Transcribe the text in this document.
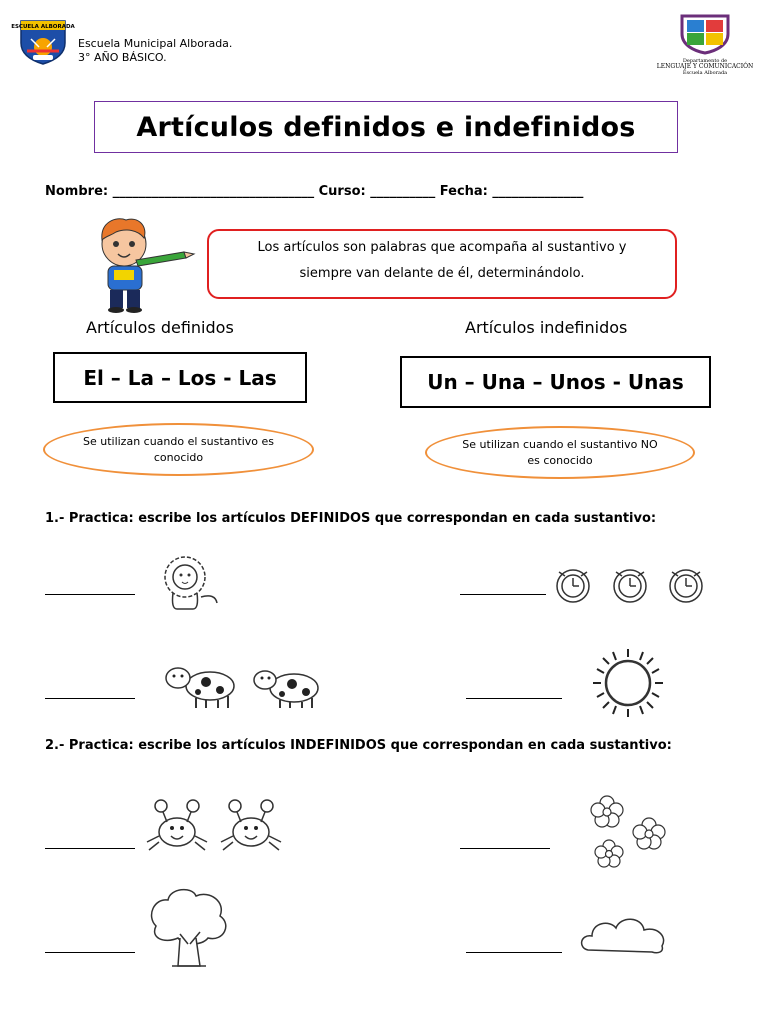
ESCUELA ALBORADA
Escuela Municipal Alborada.
3° AÑO BÁSICO.	Departamento de
LENGUAJE Y COMUNICACIÓN
Escuela Alborada
Artículos definidos e indefinidos
Nombre: _______________________________ Curso: __________ Fecha: ______________
Los artículos son palabras que acompaña al sustantivo y
siempre van delante de él, determinándolo.
Artículos definidos	Artículos indefinidos
El – La – Los - Las	Un – Una – Unos - Unas
Se utilizan cuando el sustantivo es conocido
Se utilizan cuando el sustantivo NO es conocido
1.- Practica: escribe los artículos DEFINIDOS que correspondan en cada sustantivo:
2.- Practica: escribe los artículos INDEFINIDOS que correspondan en cada sustantivo:
